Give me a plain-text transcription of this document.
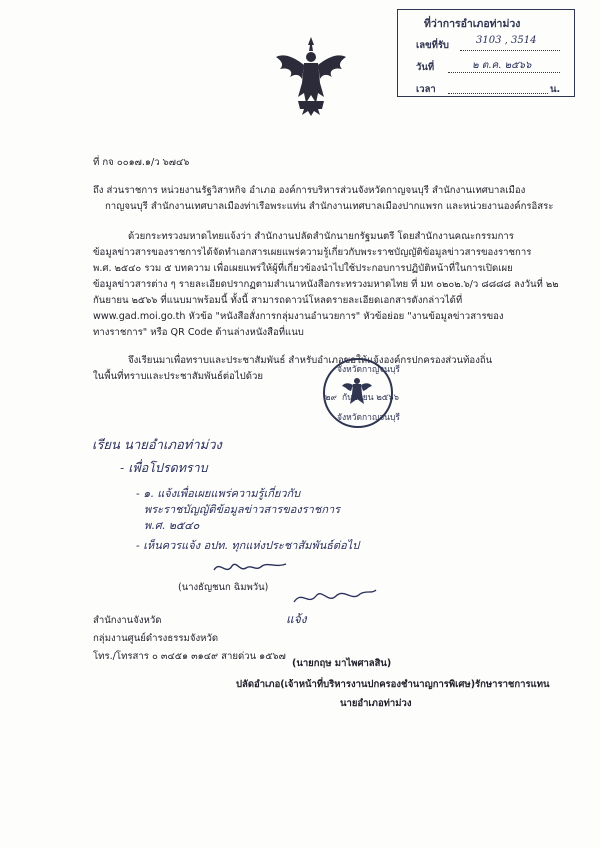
ที่ว่าการอำเภอท่าม่วง
เลขที่รับ	3103 , 3514
วันที่	๒ ต.ค. ๒๕๖๖
เวลา	น.
ที่ กจ ๐๐๑๗.๑/ว ๖๗๔๖
ถึง ส่วนราชการ หน่วยงานรัฐวิสาหกิจ อำเภอ องค์การบริหารส่วนจังหวัดกาญจนบุรี สำนักงานเทศบาลเมือง
กาญจนบุรี สำนักงานเทศบาลเมืองท่าเรือพระแท่น สำนักงานเทศบาลเมืองปากแพรก และหน่วยงานองค์กรอิสระ
ด้วยกระทรวงมหาดไทยแจ้งว่า สำนักงานปลัดสำนักนายกรัฐมนตรี โดยสำนักงานคณะกรรมการ
ข้อมูลข่าวสารของราชการได้จัดทำเอกสารเผยแพร่ความรู้เกี่ยวกับพระราชบัญญัติข้อมูลข่าวสารของราชการ
พ.ศ. ๒๕๔๐ รวม ๕ บทความ เพื่อเผยแพร่ให้ผู้ที่เกี่ยวข้องนำไปใช้ประกอบการปฏิบัติหน้าที่ในการเปิดเผย
ข้อมูลข่าวสารต่าง ๆ รายละเอียดปรากฏตามสำเนาหนังสือกระทรวงมหาดไทย ที่ มท ๐๒๐๒.๖/ว ๘๘๘๘ ลงวันที่ ๒๒
กันยายน ๒๕๖๖ ที่แนบมาพร้อมนี้ ทั้งนี้ สามารถดาวน์โหลดรายละเอียดเอกสารดังกล่าวได้ที่
www.gad.moi.go.th หัวข้อ "หนังสือสั่งการกลุ่มงานอำนวยการ" หัวข้อย่อย "งานข้อมูลข่าวสารของ
ทางราชการ" หรือ QR Code ด้านล่างหนังสือที่แนบ
จึงเรียนมาเพื่อทราบและประชาสัมพันธ์ สำหรับอำเภอขอให้แจ้งองค์กรปกครองส่วนท้องถิ่น
ในพื้นที่ทราบและประชาสัมพันธ์ต่อไปด้วย
จังหวัดกาญจนบุรี
๒๙ กันยายน ๒๕๖๖
จังหวัดกาญจนบุรี
เรียน นายอำเภอท่าม่วง
- เพื่อโปรดทราบ
- ๑. แจ้งเพื่อเผยแพร่ความรู้เกี่ยวกับ
พระราชบัญญัติข้อมูลข่าวสารของราชการ
พ.ศ. ๒๕๔๐
- เห็นควรแจ้ง อปท. ทุกแห่งประชาสัมพันธ์ต่อไป
(นางธัญชนก ฉิมพวัน)
สำนักงานจังหวัด
กลุ่มงานศูนย์ดำรงธรรมจังหวัด
โทร./โทรสาร ๐ ๓๔๕๑ ๓๑๔๙ สายด่วน ๑๕๖๗
แจ้ง
(นายกฤษ มาไพศาลสิน)
ปลัดอำเภอ(เจ้าหน้าที่บริหารงานปกครองชำนาญการพิเศษ)รักษาราชการแทน
นายอำเภอท่าม่วง
